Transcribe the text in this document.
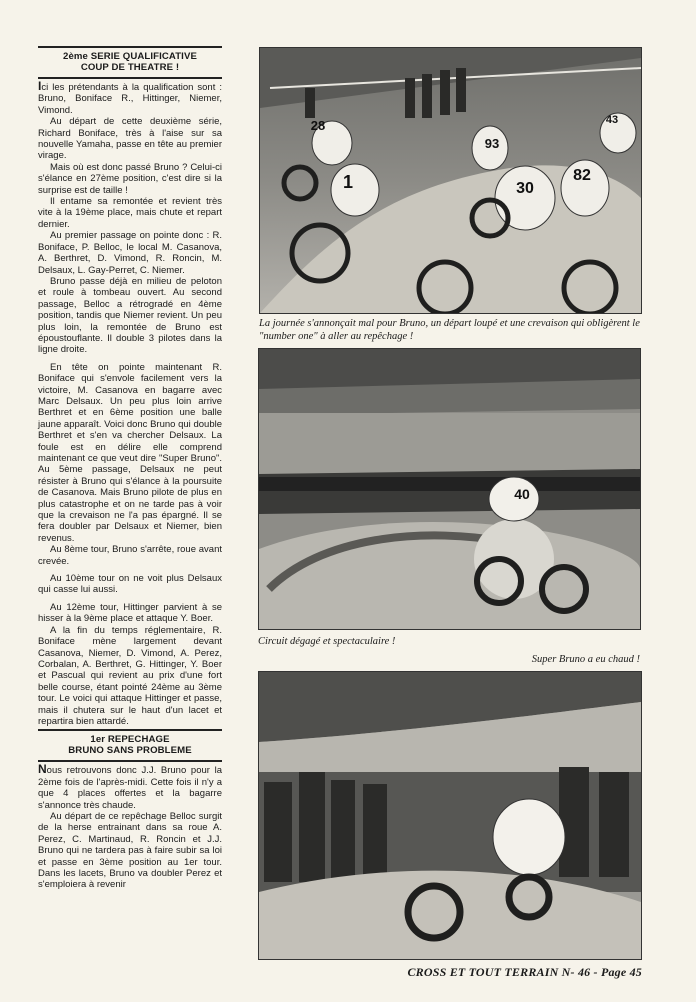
2ème SERIE QUALIFICATIVE
COUP DE THEATRE !

Ici les prétendants à la qualification sont : Bruno, Boniface R., Hittinger, Niemer, Vimond.

Au départ de cette deuxième série, Richard Boniface, très à l'aise sur sa nouvelle Yamaha, passe en tête au premier virage.

Mais où est donc passé Bruno ? Celui-ci s'élance en 27ème position, c'est dire si la surprise est de taille !

Il entame sa remontée et revient très vite à la 19ème place, mais chute et repart dernier.

Au premier passage on pointe donc : R. Boniface, P. Belloc, le local M. Casanova, A. Berthret, D. Vimond, R. Roncin, M. Delsaux, L. Gay-Perret, C. Niemer.

Bruno passe déjà en milieu de peloton et roule à tombeau ouvert. Au second passage, Belloc a rétrogradé en 4ème position, tandis que Niemer revient. Un peu plus loin, la remontée de Bruno est époustouflante. Il double 3 pilotes dans la ligne droite.

En tête on pointe maintenant R. Boniface qui s'envole facilement vers la victoire, M. Casanova en bagarre avec Marc Delsaux. Un peu plus loin arrive Berthret et en 6ème position une balle jaune apparaît. Voici donc Bruno qui double Berthret et s'en va chercher Delsaux. La foule est en délire elle comprend maintenant ce que veut dire "Super Bruno". Au 5ème passage, Delsaux ne peut résister à Bruno qui s'élance à la poursuite de Casanova. Mais Bruno pilote de plus en plus catastrophe et on ne tarde pas à voir que la crevaison ne l'a pas épargné. Il se fera doubler par Delsaux et Niemer, bien revenus.

Au 8ème tour, Bruno s'arrête, roue avant crevée.

Au 10ème tour on ne voit plus Delsaux qui casse lui aussi.

Au 12ème tour, Hittinger parvient à se hisser à la 9ème place et attaque Y. Boer.

A la fin du temps réglementaire, R. Boniface mène largement devant Casanova, Niemer, D. Vimond, A. Perez, Corbalan, A. Berthret, G. Hittinger, Y. Boer et Pascual qui revient au prix d'une fort belle course, étant pointé 24ème au 3ème tour. Le voici qui attaque Hittinger et passe, mais il chutera sur le haut d'un lacet et repartira bien attardé.

1er REPECHAGE
BRUNO SANS PROBLEME

Nous retrouvons donc J.J. Bruno pour la 2ème fois de l'après-midi. Cette fois il n'y a que 4 places offertes et la bagarre s'annonce très chaude.

Au départ de ce repêchage Belloc surgit de la herse entrainant dans sa roue A. Perez, C. Martinaud, R. Roncin et J.J. Bruno qui ne tardera pas à faire subir sa loi et passe en 3ème position au 1er tour. Dans les lacets, Bruno va doubler Perez et s'emploiera à revenir

28
1
93
30
82
43
La journée s'annonçait mal pour Bruno, un départ loupé et une crevaison qui obligèrent le "number one" à aller au repêchage !
40
Circuit dégagé et spectaculaire !
Super Bruno a eu chaud !
CROSS ET TOUT TERRAIN N- 46 - Page 45
